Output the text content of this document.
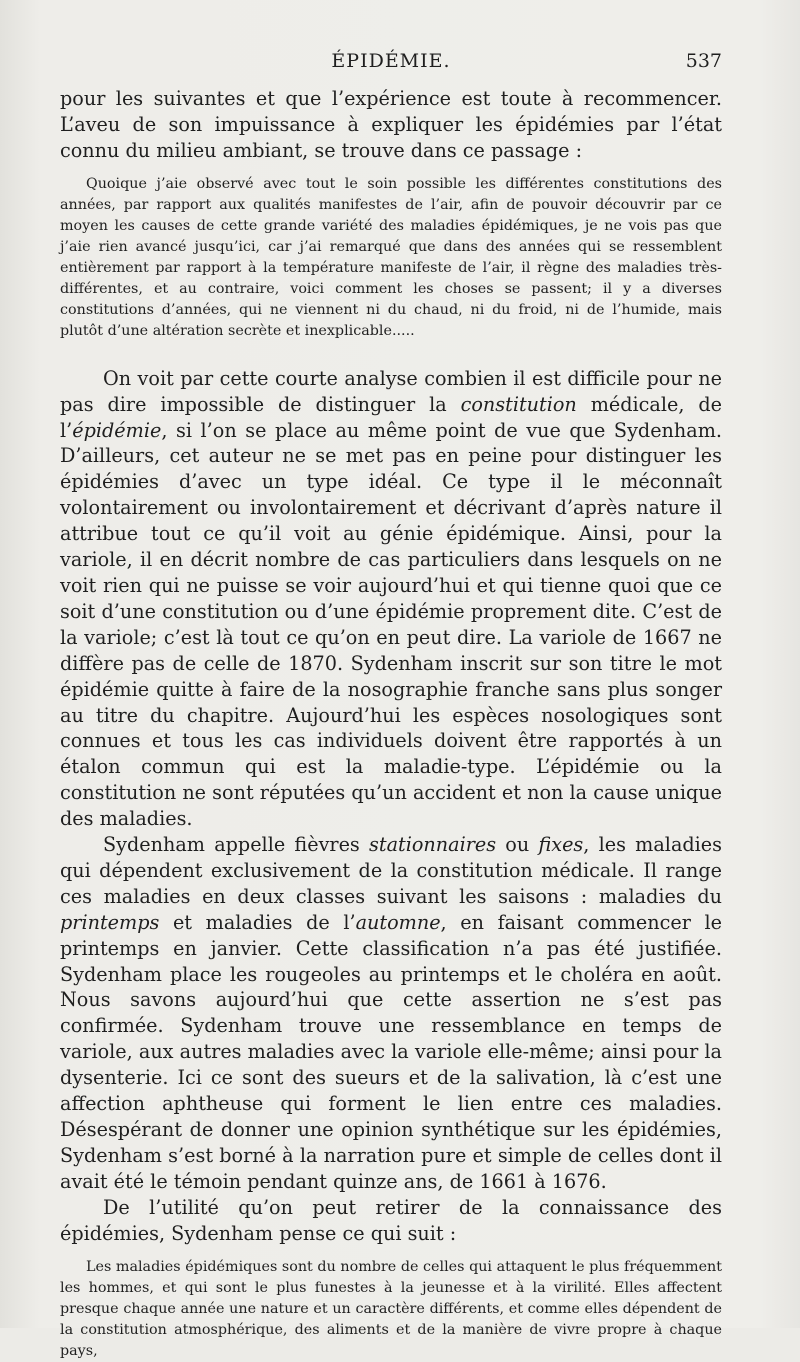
ÉPIDÉMIE.	537

pour les suivantes et que l’expérience est toute à recommencer. L’aveu de son impuissance à expliquer les épidémies par l’état connu du milieu ambiant, se trouve dans ce passage :

Quoique j’aie observé avec tout le soin possible les différentes constitutions des années, par rapport aux qualités manifestes de l’air, afin de pouvoir découvrir par ce moyen les causes de cette grande variété des maladies épidémiques, je ne vois pas que j’aie rien avancé jusqu’ici, car j’ai remarqué que dans des années qui se ressemblent entièrement par rapport à la température manifeste de l’air, il règne des maladies très-différentes, et au contraire, voici comment les choses se passent; il y a diverses constitutions d’années, qui ne viennent ni du chaud, ni du froid, ni de l’humide, mais plutôt d’une altération secrète et inexplicable.....

On voit par cette courte analyse combien il est difficile pour ne pas dire impossible de distinguer la constitution médicale, de l’épidémie, si l’on se place au même point de vue que Sydenham. D’ailleurs, cet auteur ne se met pas en peine pour distinguer les épidémies d’avec un type idéal. Ce type il le méconnaît volontairement ou involontairement et décrivant d’après nature il attribue tout ce qu’il voit au génie épidémique. Ainsi, pour la variole, il en décrit nombre de cas particuliers dans lesquels on ne voit rien qui ne puisse se voir aujourd’hui et qui tienne quoi que ce soit d’une constitution ou d’une épidémie proprement dite. C’est de la variole; c’est là tout ce qu’on en peut dire. La variole de 1667 ne diffère pas de celle de 1870. Sydenham inscrit sur son titre le mot épidémie quitte à faire de la nosographie franche sans plus songer au titre du chapitre. Aujourd’hui les espèces nosologiques sont connues et tous les cas individuels doivent être rapportés à un étalon commun qui est la maladie-type. L’épidémie ou la constitution ne sont réputées qu’un accident et non la cause unique des maladies.

Sydenham appelle fièvres stationnaires ou fixes, les maladies qui dépendent exclusivement de la constitution médicale. Il range ces maladies en deux classes suivant les saisons : maladies du printemps et maladies de l’automne, en faisant commencer le printemps en janvier. Cette classification n’a pas été justifiée. Sydenham place les rougeoles au printemps et le choléra en août. Nous savons aujourd’hui que cette assertion ne s’est pas confirmée. Sydenham trouve une ressemblance en temps de variole, aux autres maladies avec la variole elle-même; ainsi pour la dysenterie. Ici ce sont des sueurs et de la salivation, là c’est une affection aphtheuse qui forment le lien entre ces maladies. Désespérant de donner une opinion synthétique sur les épidémies, Sydenham s’est borné à la narration pure et simple de celles dont il avait été le témoin pendant quinze ans, de 1661 à 1676.

De l’utilité qu’on peut retirer de la connaissance des épidémies, Sydenham pense ce qui suit :

Les maladies épidémiques sont du nombre de celles qui attaquent le plus fréquemment les hommes, et qui sont le plus funestes à la jeunesse et à la virilité. Elles affectent presque chaque année une nature et un caractère différents, et comme elles dépendent de la constitution atmosphérique, des aliments et de la manière de vivre propre à chaque pays,
